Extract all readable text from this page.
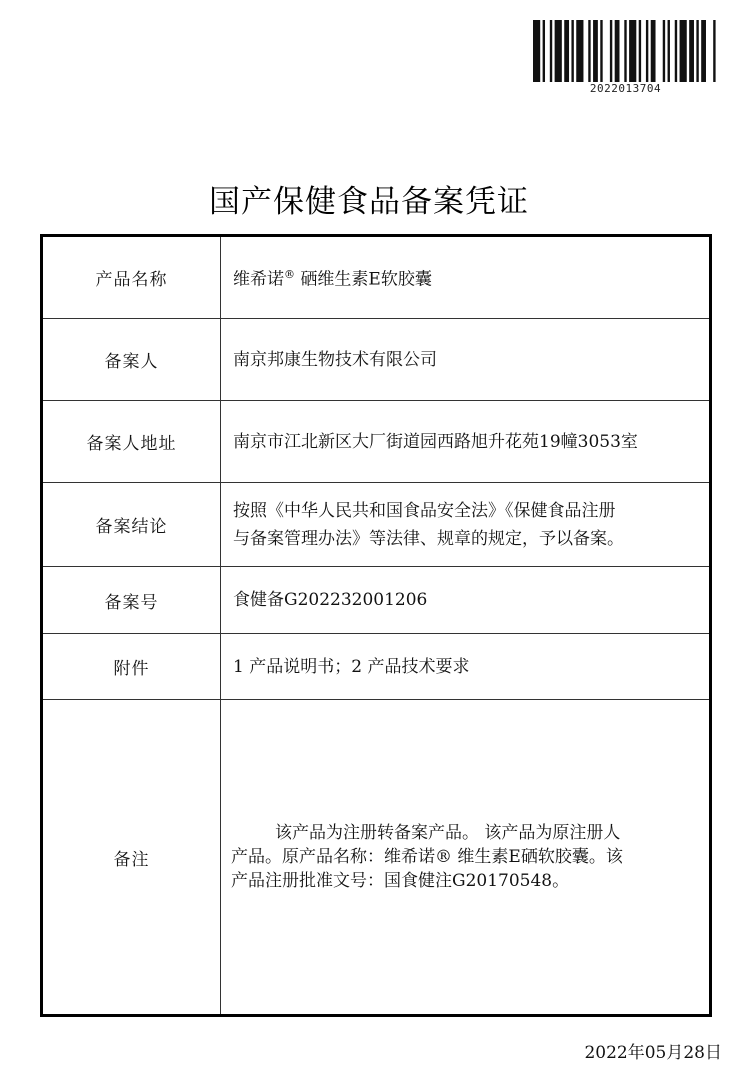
2022013704
国产保健食品备案凭证
产品名称	维希诺® 硒维生素E软胶囊
备案人	南京邦康生物技术有限公司
备案人地址	南京市江北新区大厂街道园西路旭升花苑19幢3053室
备案结论	按照《中华人民共和国食品安全法》《保健食品注册
与备案管理办法》等法律、规章的规定，予以备案。

备案号	食健备G202232001206
附件	1 产品说明书；2 产品技术要求
备注	该产品为注册转备案产品。 该产品为原注册人
产品。原产品名称：维希诺® 维生素E硒软胶囊。该
产品注册批准文号：国食健注G20170548。
2022年05月28日
